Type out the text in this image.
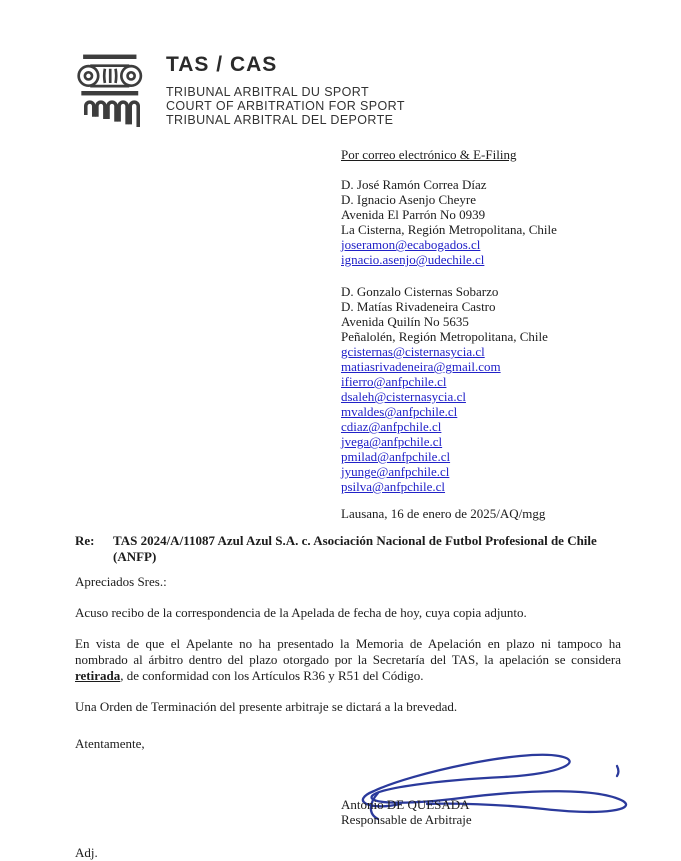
TAS / CAS
TRIBUNAL ARBITRAL DU SPORT
COURT OF ARBITRATION FOR SPORT
TRIBUNAL ARBITRAL DEL DEPORTE
Por correo electrónico & E-Filing
D. José Ramón Correa Díaz
D. Ignacio Asenjo Cheyre
Avenida El Parrón No 0939
La Cisterna, Región Metropolitana, Chile
joseramon@ecabogados.cl
ignacio.asenjo@udechile.cl
D. Gonzalo Cisternas Sobarzo
D. Matías Rivadeneira Castro
Avenida Quilín No 5635
Peñalolén, Región Metropolitana, Chile
gcisternas@cisternasycia.cl
matiasrivadeneira@gmail.com
ifierro@anfpchile.cl
dsaleh@cisternasycia.cl
mvaldes@anfpchile.cl
cdiaz@anfpchile.cl
jvega@anfpchile.cl
pmilad@anfpchile.cl
jyunge@anfpchile.cl
psilva@anfpchile.cl
Lausana, 16 de enero de 2025/AQ/mgg
Re:	TAS 2024/A/11087 Azul Azul S.A. c. Asociación Nacional de Futbol Profesional de Chile (ANFP)
Apreciados Sres.:
Acuso recibo de la correspondencia de la Apelada de fecha de hoy, cuya copia adjunto.
En vista de que el Apelante no ha presentado la Memoria de Apelación en plazo ni tampoco ha nombrado al árbitro dentro del plazo otorgado por la Secretaría del TAS, la apelación se considera retirada, de conformidad con los Artículos R36 y R51 del Código.
Una Orden de Terminación del presente arbitraje se dictará a la brevedad.
Atentamente,
Antonio DE QUESADA
Responsable de Arbitraje
Adj.
